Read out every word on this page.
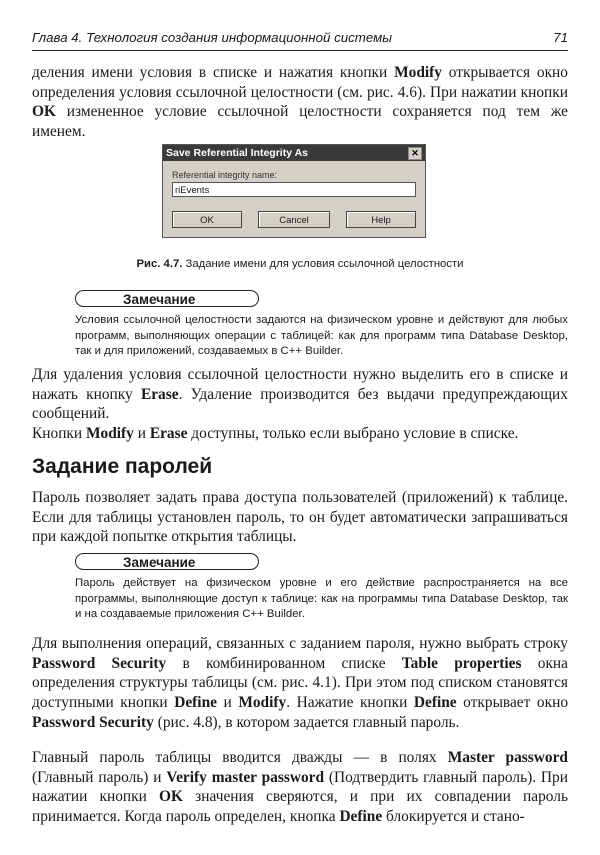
Глава 4. Технология создания информационной системы	71

деления имени условия в списке и нажатия кнопки Modify открывается окно определения условия ссылочной целостности (см. рис. 4.6). При нажатии кнопки OK измененное условие ссылочной целостности сохраняется под тем же именем.

Save Referential Integrity As	✕
Referential integrity name:
riEvents
OK	Cancel	Help
Рис. 4.7. Задание имени для условия ссылочной целостности
Замечание

Условия ссылочной целостности задаются на физическом уровне и действуют для любых программ, выполняющих операции с таблицей: как для программ типа Database Desktop, так и для приложений, создаваемых в C++ Builder.

Для удаления условия ссылочной целостности нужно выделить его в списке и нажать кнопку Erase. Удаление производится без выдачи предупреждающих сообщений.

Кнопки Modify и Erase доступны, только если выбрано условие в списке.

Задание паролей

Пароль позволяет задать права доступа пользователей (приложений) к таблице. Если для таблицы установлен пароль, то он будет автоматически запрашиваться при каждой попытке открытия таблицы.

Замечание

Пароль действует на физическом уровне и его действие распространяется на все программы, выполняющие доступ к таблице: как на программы типа Database Desktop, так и на создаваемые приложения C++ Builder.

Для выполнения операций, связанных с заданием пароля, нужно выбрать строку Password Security в комбинированном списке Table properties окна определения структуры таблицы (см. рис. 4.1). При этом под списком становятся доступными кнопки Define и Modify. Нажатие кнопки Define открывает окно Password Security (рис. 4.8), в котором задается главный пароль.

Главный пароль таблицы вводится дважды — в полях Master password (Главный пароль) и Verify master password (Подтвердить главный пароль). При нажатии кнопки OK значения сверяются, и при их совпадении пароль принимается. Когда пароль определен, кнопка Define блокируется и стано-
